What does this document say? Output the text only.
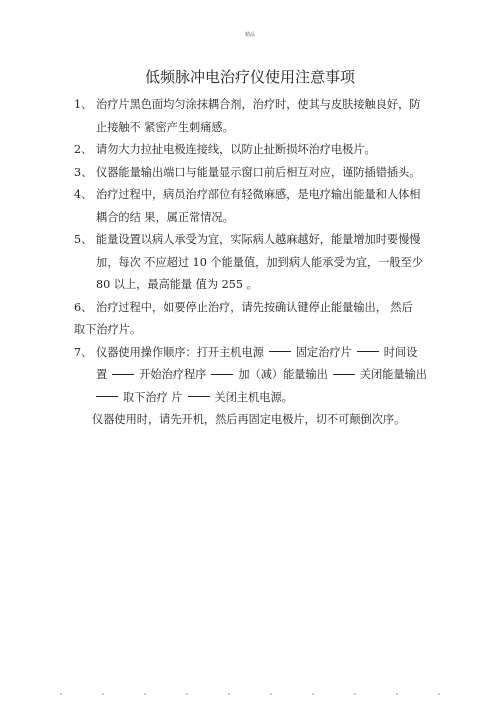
精品
低频脉冲电治疗仪使用注意事项
1、 治疗片黑色面均匀涂抹耦合剂，治疗时，使其与皮肤接触良好，防
止接触不 紧密产生刺痛感。
2、 请勿大力拉扯电极连接线，以防止扯断损坏治疗电极片。
3、 仪器能量输出端口与能量显示窗口前后相互对应，谨防插错插头。
4、 治疗过程中，病员治疗部位有轻微麻感，是电疗输出能量和人体相
耦合的结 果，属正常情况。
5、 能量设置以病人承受为宜，实际病人越麻越好，能量增加时要慢慢
加，每次 不应超过 10 个能量值，加到病人能承受为宜，一般至少
80 以上，最高能量 值为 255 。
6、 治疗过程中，如要停止治疗，请先按确认键停止能量输出， 然后
取下治疗片。
7、 仪器使用操作顺序：打开主机电源	固定治疗片	时间设
置	开始治疗程序	加（减）能量输出	关闭能量输出
取下治疗 片	关闭主机电源。
仪器使用时，请先开机，然后再固定电极片，切不可颠倒次序。
